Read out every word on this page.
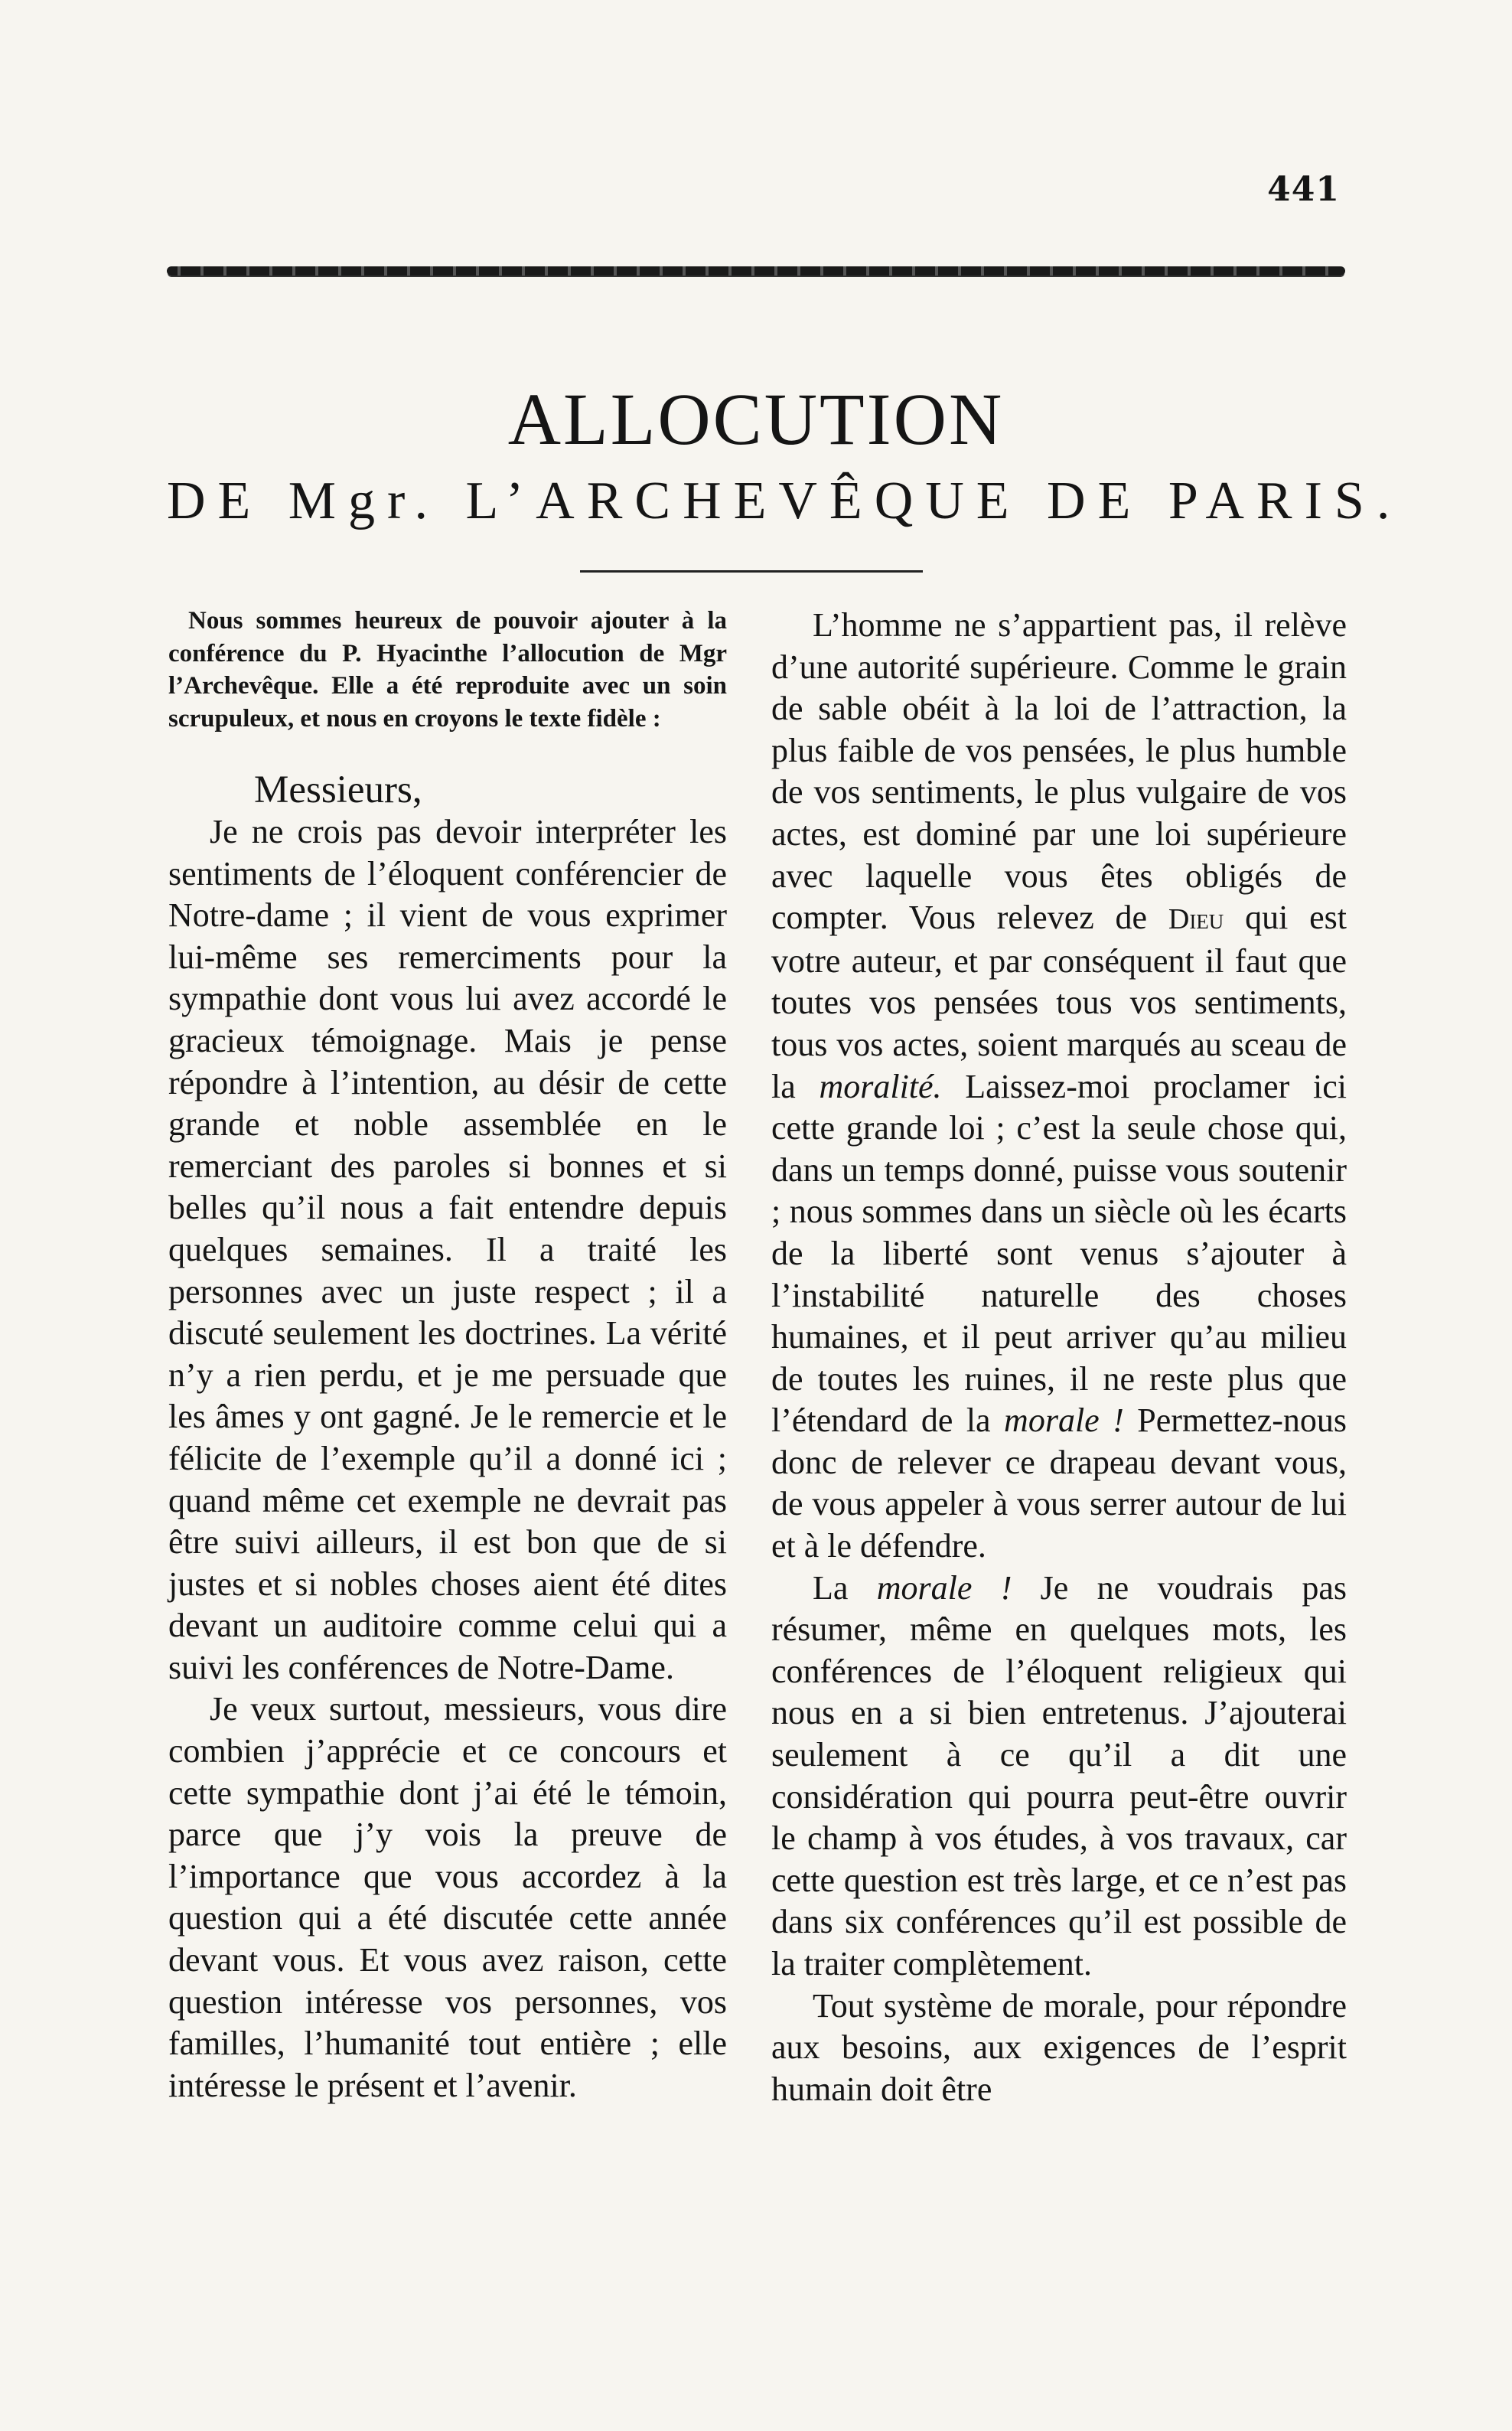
441
ALLOCUTION
DE Mgr. L’ARCHEVÊQUE DE PARIS.

Nous sommes heureux de pouvoir ajouter à la conférence du P. Hyacinthe l’allocution de Mgr l’Archevêque. Elle a été reproduite avec un soin scrupuleux, et nous en croyons le texte fidèle :

Messieurs,

Je ne crois pas devoir interpréter les sentiments de l’éloquent conférencier de Notre-dame ; il vient de vous exprimer lui-même ses remerciments pour la sympathie dont vous lui avez accordé le gracieux témoignage. Mais je pense répondre à l’intention, au désir de cette grande et noble assemblée en le remerciant des paroles si bonnes et si belles qu’il nous a fait entendre depuis quelques semaines. Il a traité les personnes avec un juste respect ; il a discuté seulement les doctrines. La vérité n’y a rien perdu, et je me persuade que les âmes y ont gagné. Je le remercie et le félicite de l’exemple qu’il a donné ici ; quand même cet exemple ne devrait pas être suivi ailleurs, il est bon que de si justes et si nobles choses aient été dites devant un auditoire comme celui qui a suivi les conférences de Notre-Dame.

Je veux surtout, messieurs, vous dire combien j’apprécie et ce concours et cette sympathie dont j’ai été le témoin, parce que j’y vois la preuve de l’importance que vous accordez à la question qui a été discutée cette année devant vous. Et vous avez raison, cette question intéresse vos personnes, vos familles, l’humanité tout entière ; elle intéresse le présent et l’avenir.

L’homme ne s’appartient pas, il relève d’une autorité supérieure. Comme le grain de sable obéit à la loi de l’attraction, la plus faible de vos pensées, le plus humble de vos sentiments, le plus vulgaire de vos actes, est dominé par une loi supérieure avec laquelle vous êtes obligés de compter. Vous relevez de Dieu qui est votre auteur, et par conséquent il faut que toutes vos pensées tous vos sentiments, tous vos actes, soient marqués au sceau de la moralité. Laissez-moi proclamer ici cette grande loi ; c’est la seule chose qui, dans un temps donné, puisse vous soutenir ; nous sommes dans un siècle où les écarts de la liberté sont venus s’ajouter à l’instabilité naturelle des choses humaines, et il peut arriver qu’au milieu de toutes les ruines, il ne reste plus que l’étendard de la morale ! Permettez-nous donc de relever ce drapeau devant vous, de vous appeler à vous serrer autour de lui et à le défendre.

La morale ! Je ne voudrais pas résumer, même en quelques mots, les conférences de l’éloquent religieux qui nous en a si bien entretenus. J’ajouterai seulement à ce qu’il a dit une considération qui pourra peut-être ouvrir le champ à vos études, à vos travaux, car cette question est très large, et ce n’est pas dans six conférences qu’il est possible de la traiter complètement.

Tout système de morale, pour répondre aux besoins, aux exigences de l’esprit humain doit être
